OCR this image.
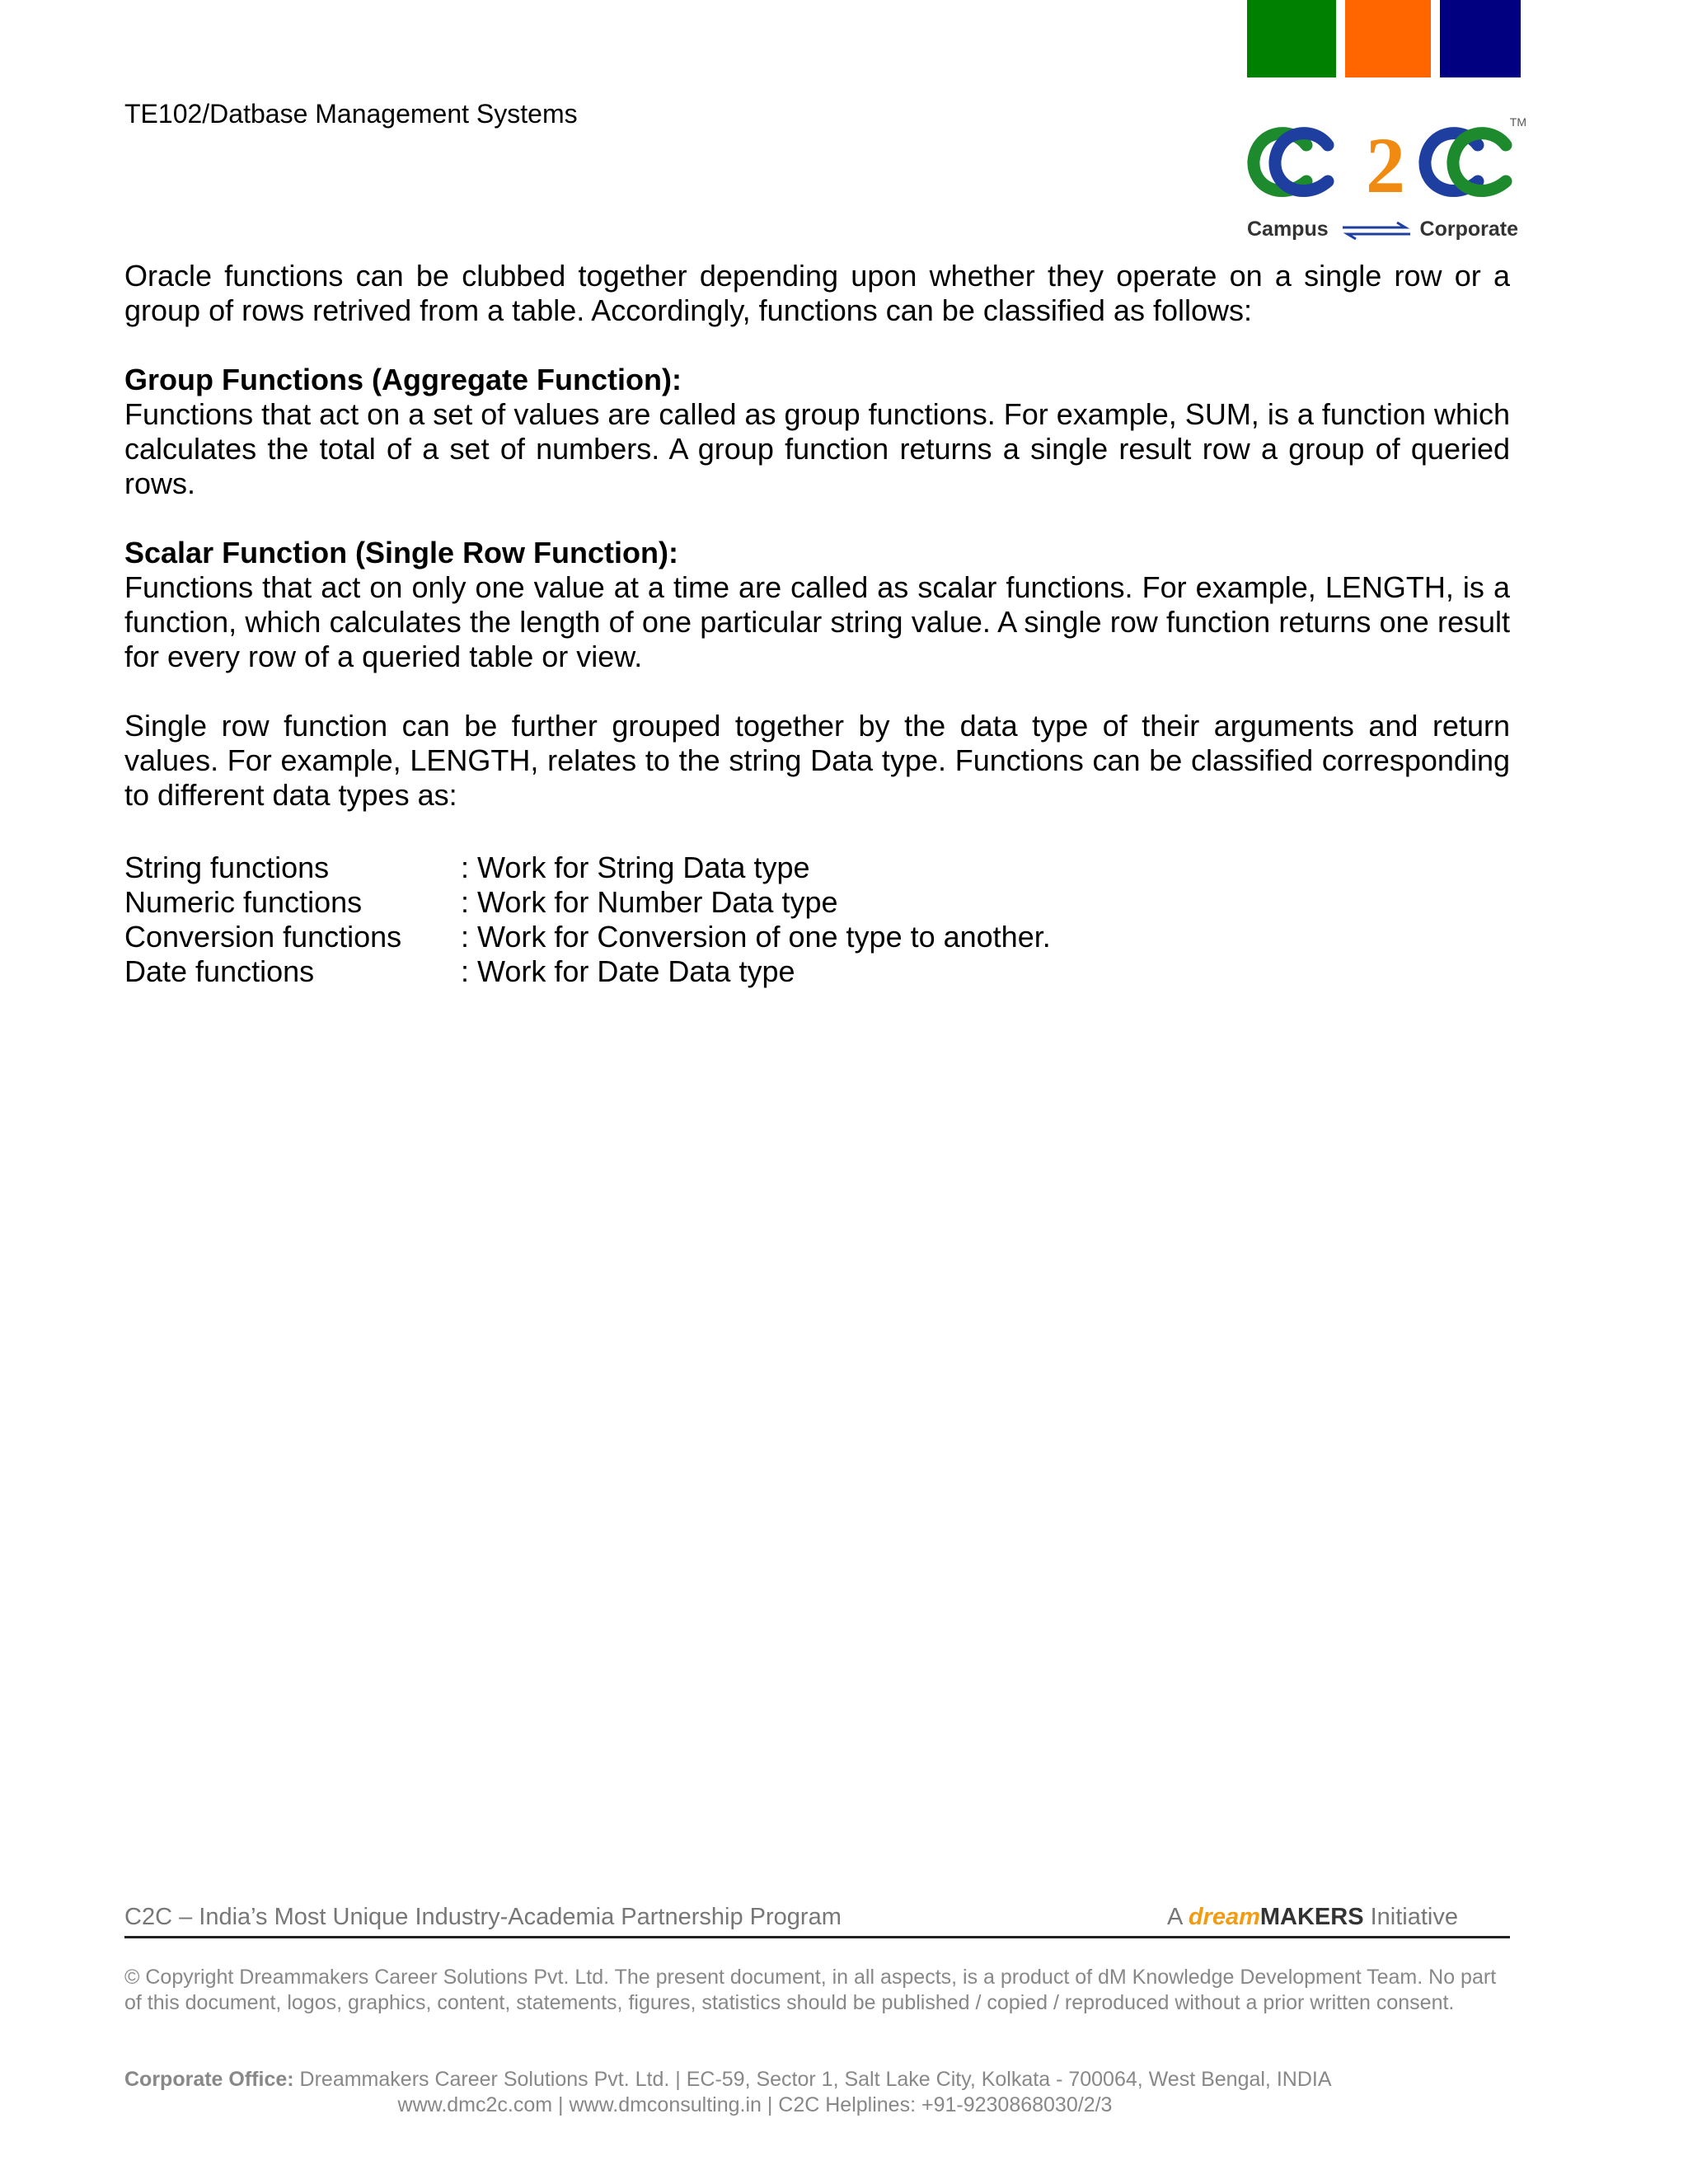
TE102/Datbase Management Systems
2	TM
Campus	Corporate

Oracle functions can be clubbed together depending upon whether they operate on a single row or a group of rows retrived from a table. Accordingly, functions can be classified as follows:

Group Functions (Aggregate Function):

Functions that act on a set of values are called as group functions. For example, SUM, is a function which calculates the total of a set of numbers. A group function returns a single result row a group of queried rows.

Scalar Function (Single Row Function):

Functions that act on only one value at a time are called as scalar functions. For example, LENGTH, is a function, which calculates the length of one particular string value. A single row function returns one result for every row of a queried table or view.

Single row function can be further grouped together by the data type of their arguments and return values. For example, LENGTH, relates to the string Data type. Functions can be classified corresponding to different data types as:

String functions	: Work for String Data type
Numeric functions	: Work for Number Data type
Conversion functions	: Work for Conversion of one type to another.
Date functions	: Work for Date Data type
C2C – India’s Most Unique Industry-Academia Partnership Program	A dreamMAKERS Initiative
© Copyright Dreammakers Career Solutions Pvt. Ltd. The present document, in all aspects, is a product of dM Knowledge Development Team. No part of this document, logos, graphics, content, statements, figures, statistics should be published / copied / reproduced without a prior written consent.
Corporate Office: Dreammakers Career Solutions Pvt. Ltd. | EC-59, Sector 1, Salt Lake City, Kolkata - 700064, West Bengal, INDIA
www.dmc2c.com | www.dmconsulting.in | C2C Helplines: +91-9230868030/2/3
